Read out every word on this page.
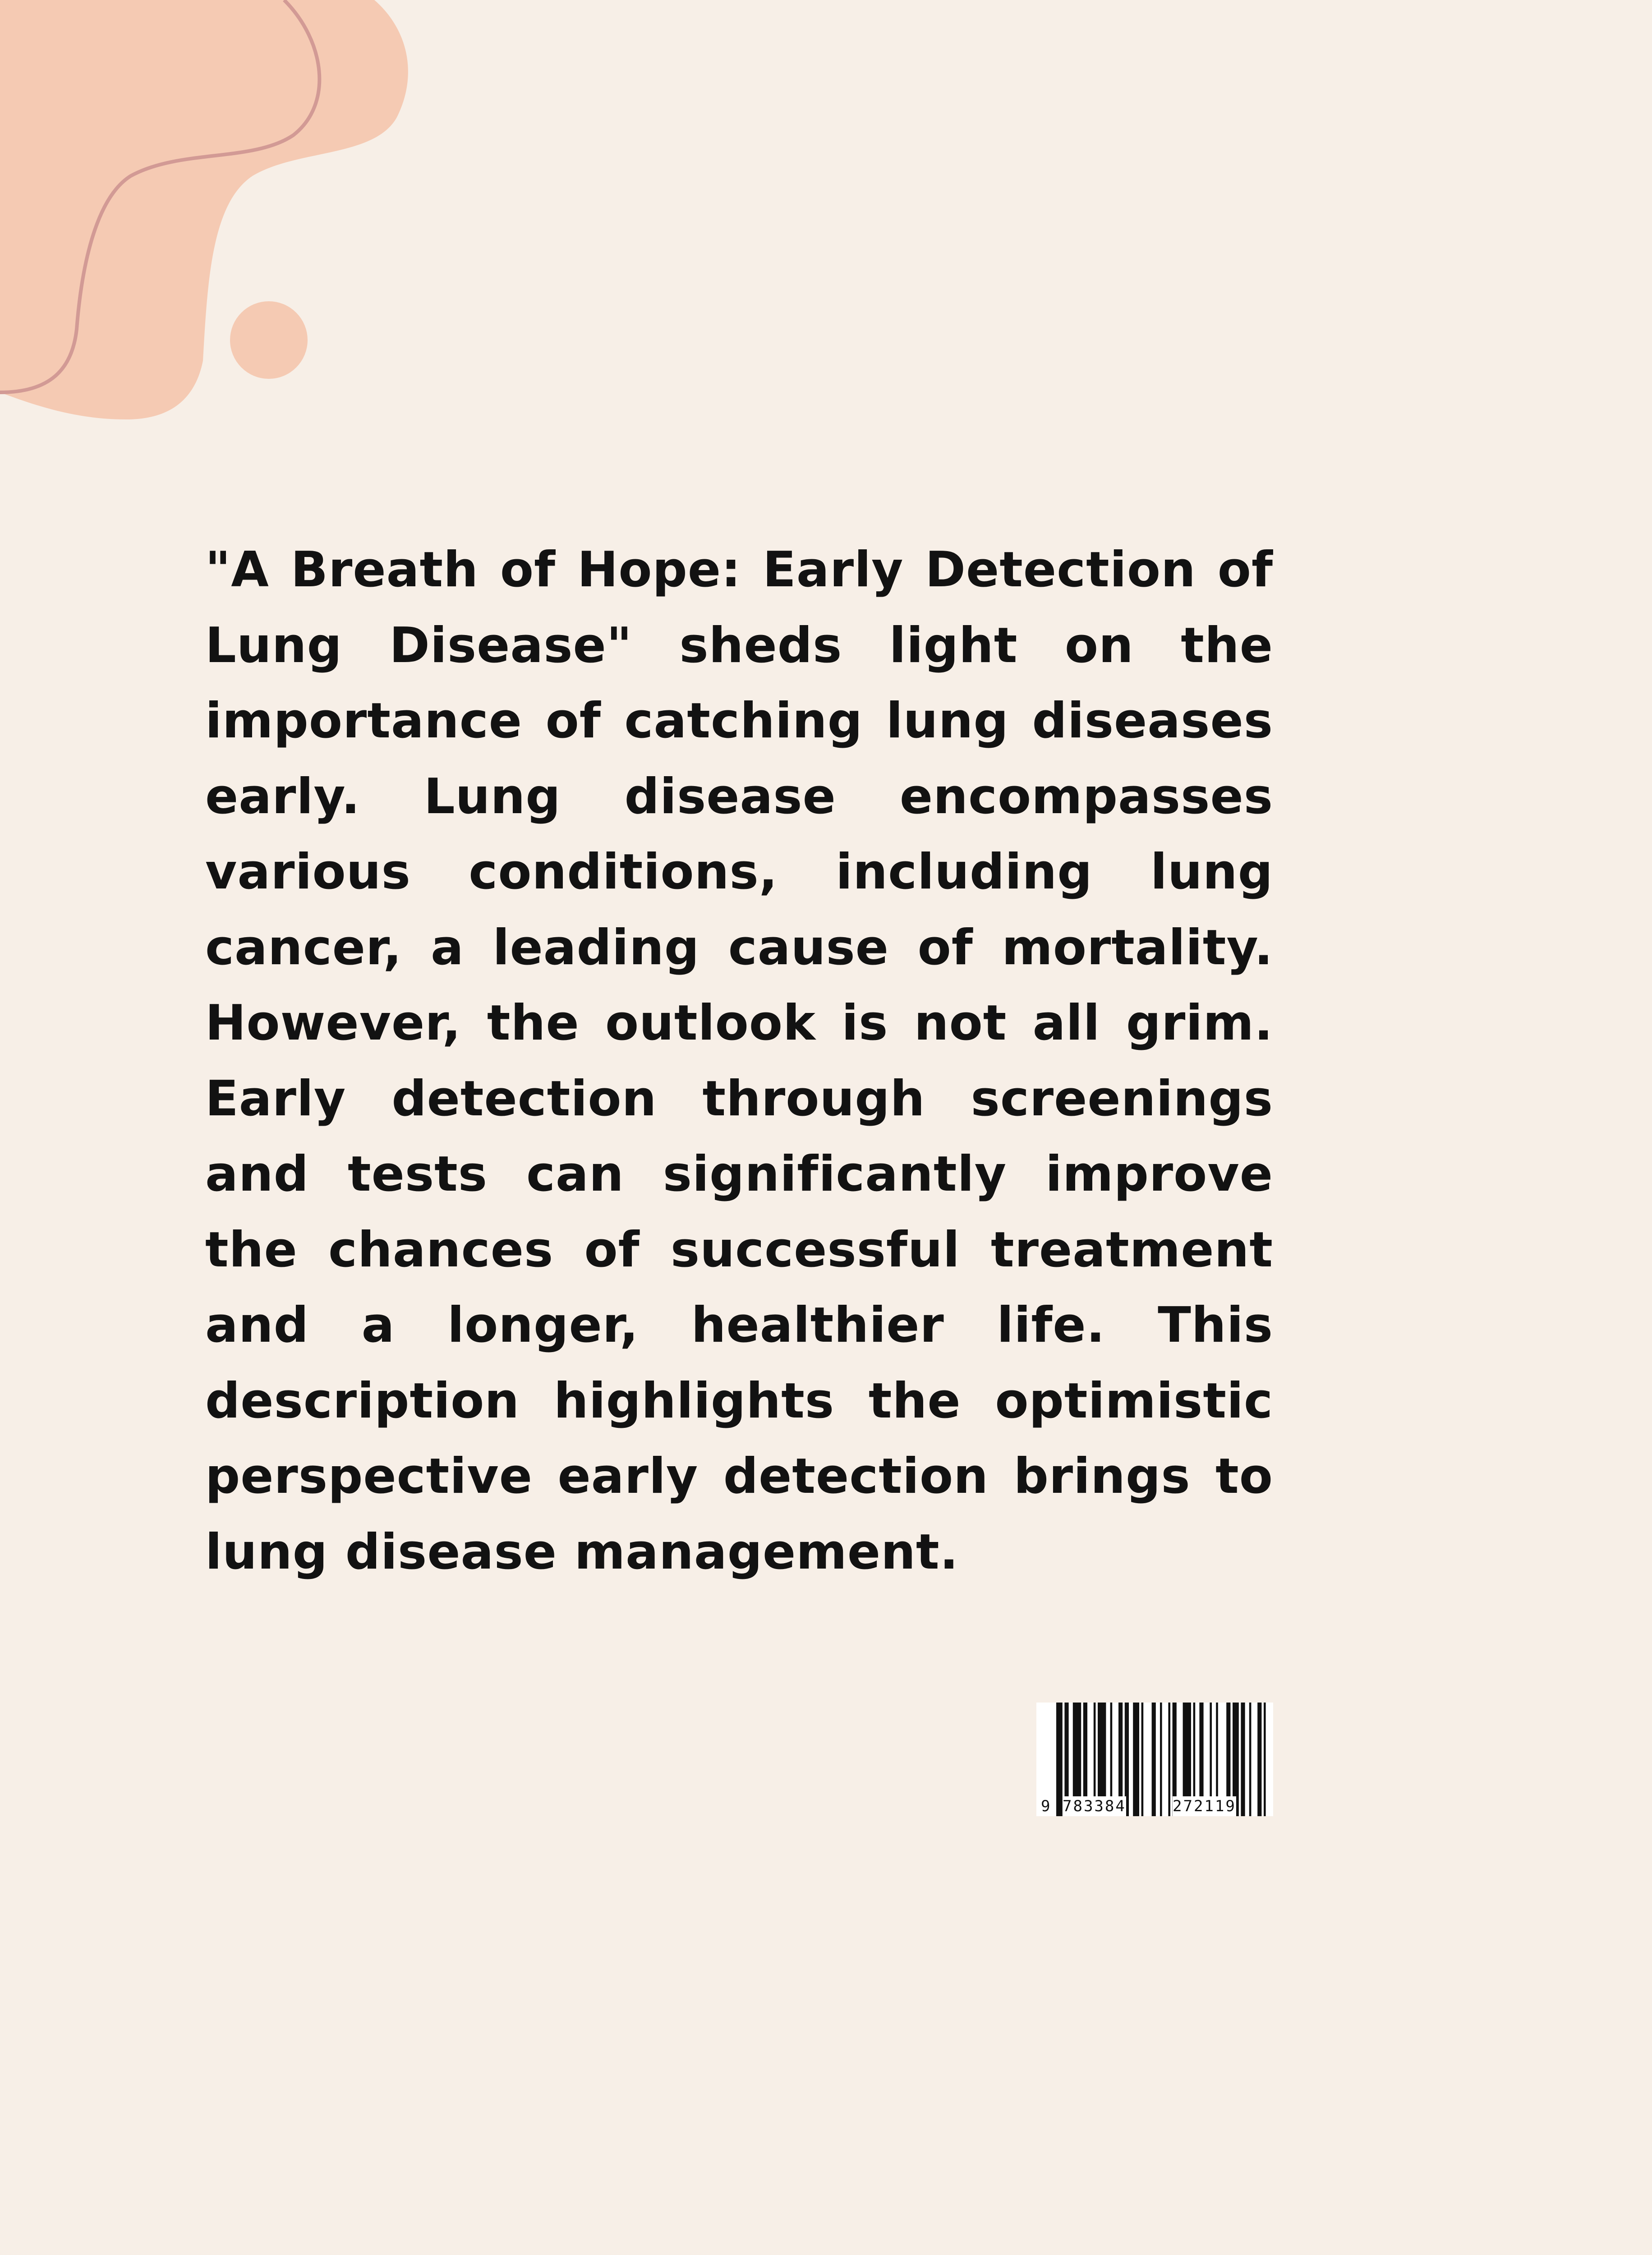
"A Breath of Hope: Early Detection of Lung Disease" sheds light on the importance of catching lung diseases early. Lung disease encompasses various conditions, including lung cancer, a leading cause of mortality. However, the outlook is not all grim. Early detection through screenings and tests can significantly improve the chances of successful treatment and a longer, healthier life. This description highlights the optimistic perspective early detection brings to lung disease management.

9 783384	272119
